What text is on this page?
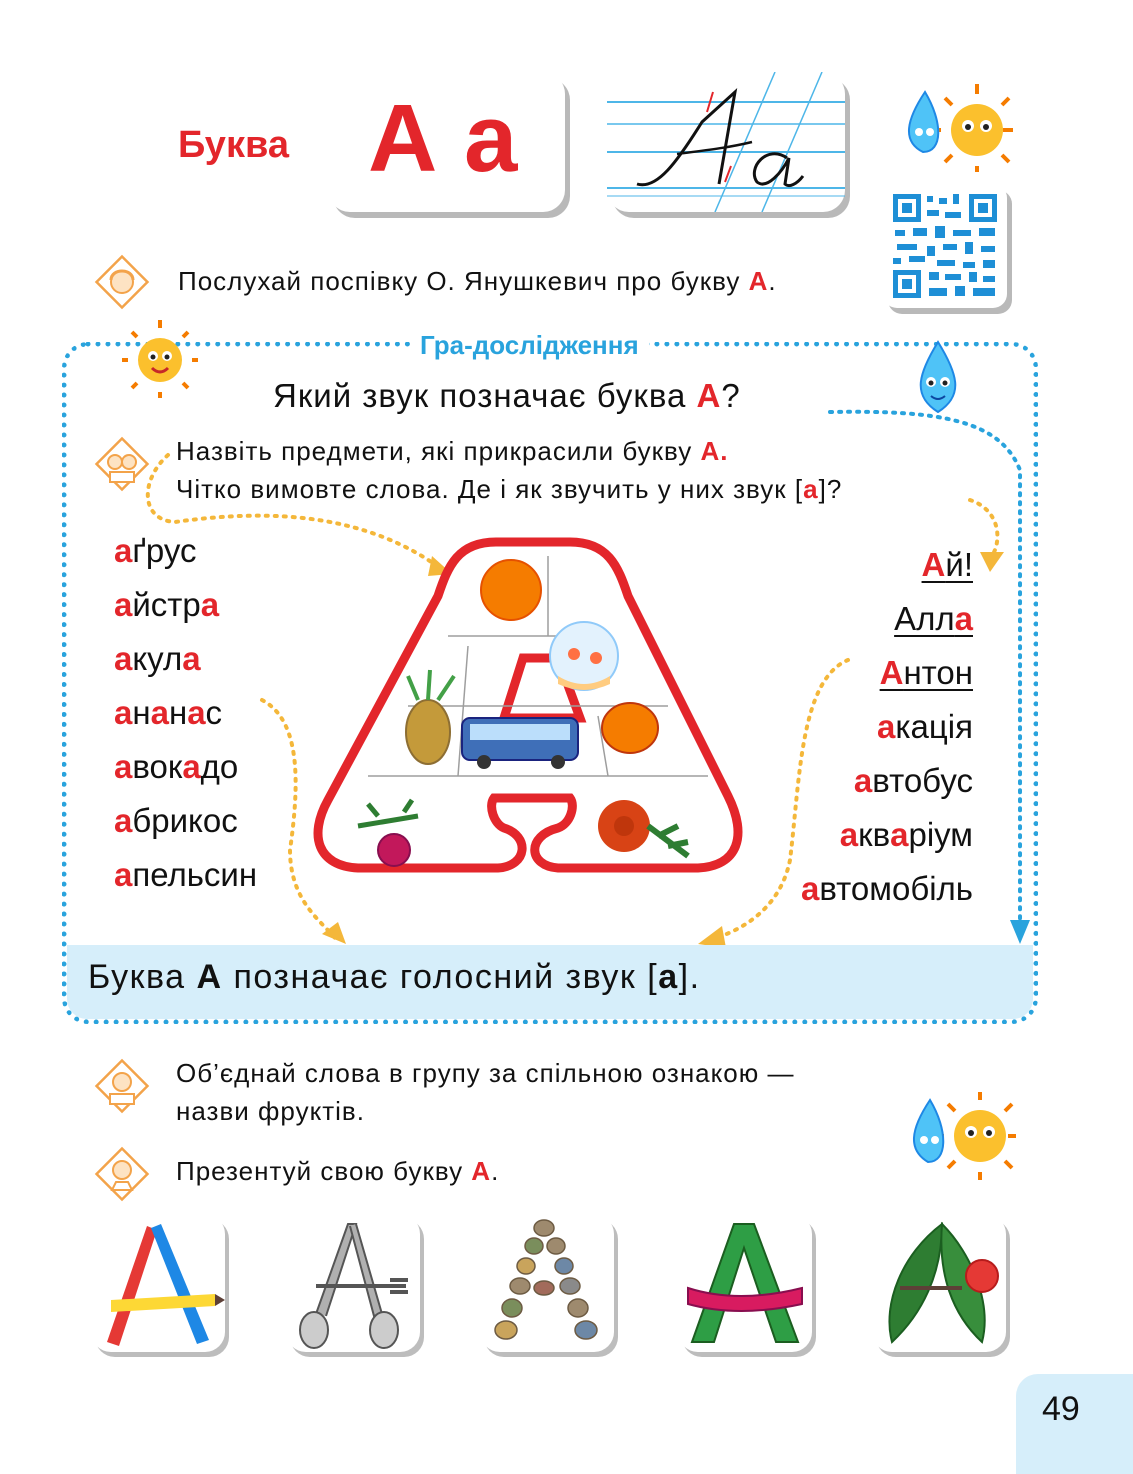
Буква А а
Послухай поспівку О. Янушкевич про букву А.
Гра-дослідження
Який звук позначає буква А?
Назвіть предмети, які прикрасили букву А.
Чітко вимовте слова. Де і як звучить у них звук [а]?
аґрус
айстра
акула
ананас
авокадо
абрикос
апельсин
Ай!
Алла
Антон
акація
автобус
акваріум
автомобіль
Буква А позначає голосний звук [а].
Об’єднай слова в групу за спільною ознакою —
назви фруктів.
Презентуй свою букву А.
49
